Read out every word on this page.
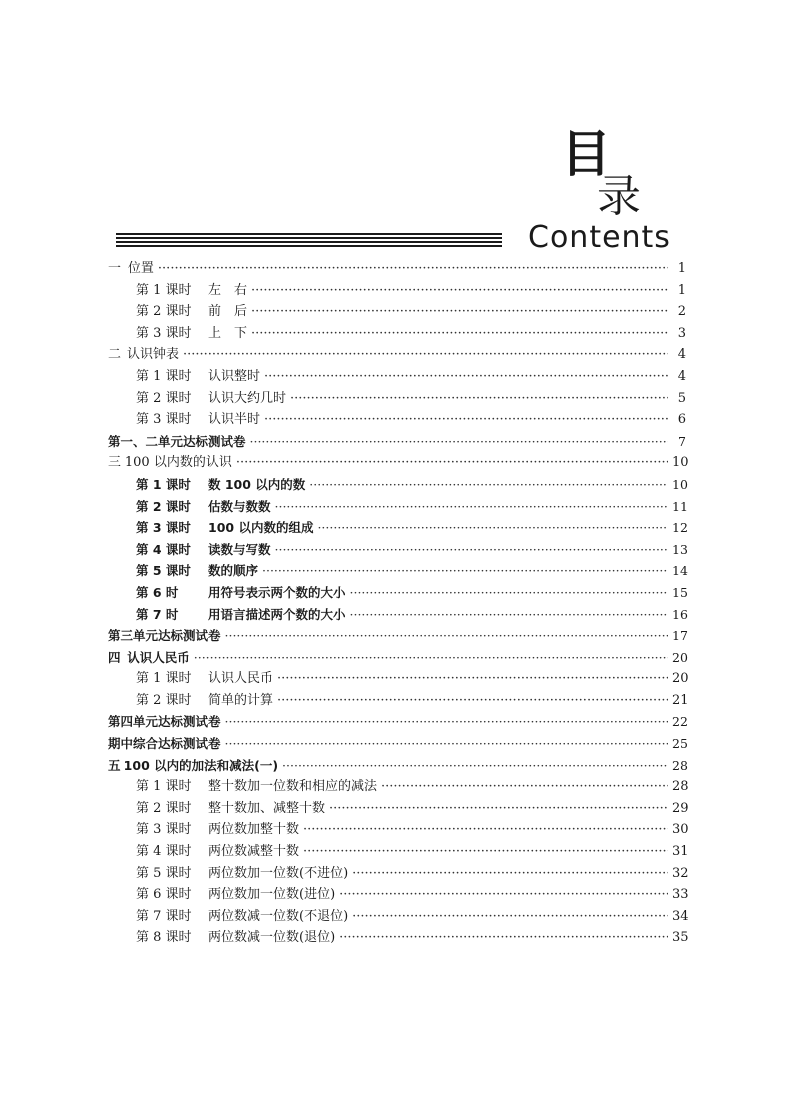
目
录
Contents
一 位置 ·····	1
第 1 课时	左　右 ·····	1
第 2 课时	前　后 ·····	2
第 3 课时	上　下 ·····	3
二 认识钟表 ·····	4
第 1 课时	认识整时 ·····	4
第 2 课时	认识大约几时 ·····	5
第 3 课时	认识半时 ·····	6
第一、二单元达标测试卷 ·····	7
三 100 以内数的认识 ·····	10
第 1 课时	数 100 以内的数 ·····	10
第 2 课时	估数与数数 ·····	11
第 3 课时	100 以内数的组成 ·····	12
第 4 课时	读数与写数 ·····	13
第 5 课时	数的顺序 ·····	14
第 6 时	用符号表示两个数的大小 ·····	15
第 7 时	用语言描述两个数的大小 ·····	16
第三单元达标测试卷 ·····	17
四 认识人民币 ·····	20
第 1 课时	认识人民币 ·····	20
第 2 课时	简单的计算 ·····	21
第四单元达标测试卷 ·····	22
期中综合达标测试卷 ·····	25
五 100 以内的加法和减法(一) ·····	28
第 1 课时	整十数加一位数和相应的减法 ·····	28
第 2 课时	整十数加、减整十数 ·····	29
第 3 课时	两位数加整十数 ·····	30
第 4 课时	两位数减整十数 ·····	31
第 5 课时	两位数加一位数(不进位) ·····	32
第 6 课时	两位数加一位数(进位) ·····	33
第 7 课时	两位数减一位数(不退位) ·····	34
第 8 课时	两位数减一位数(退位) ·····	35
